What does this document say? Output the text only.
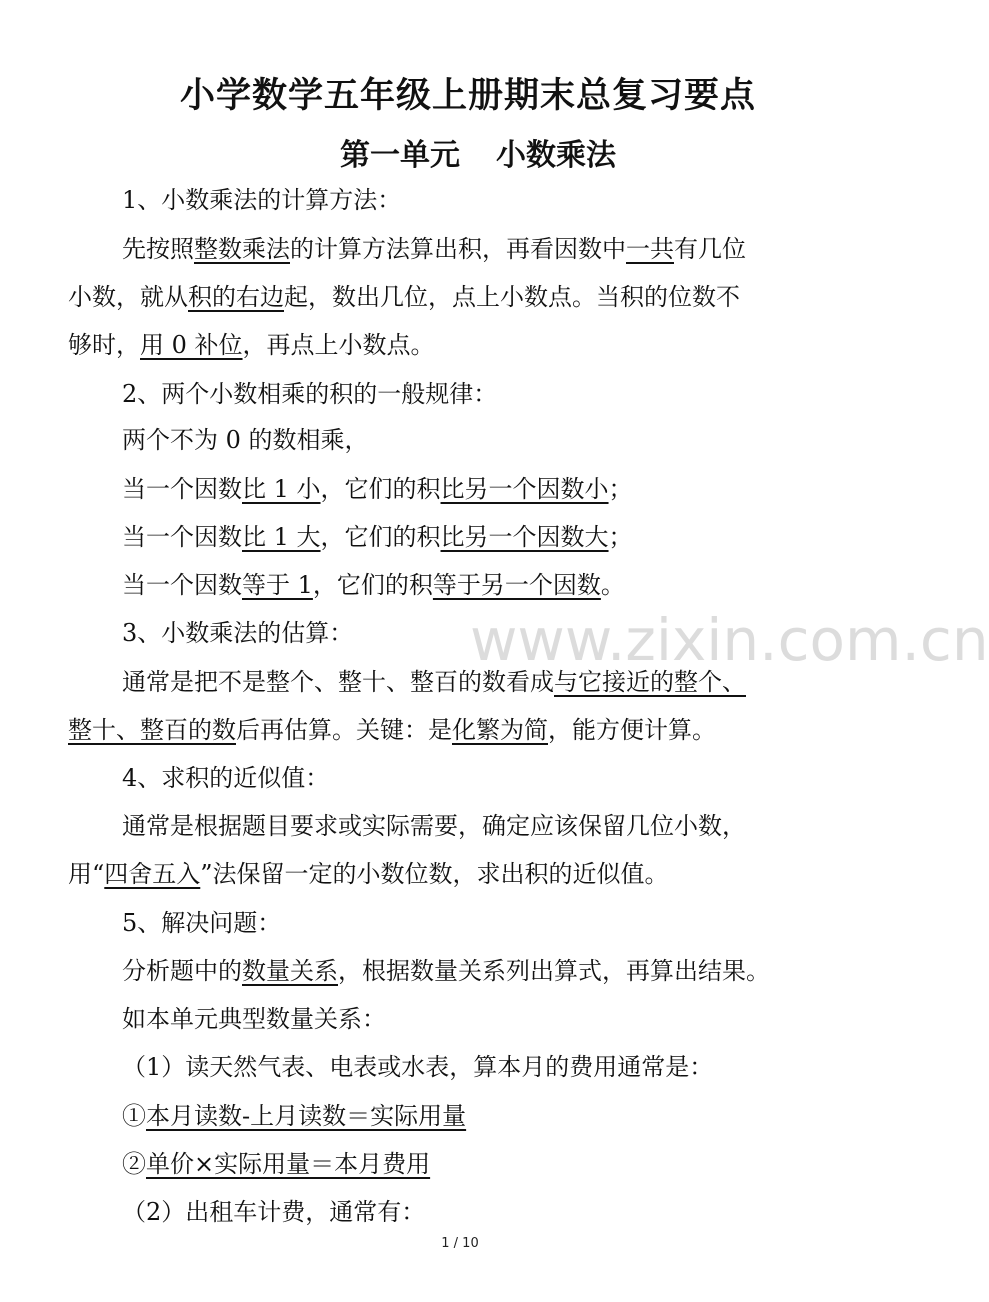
小学数学五年级上册期末总复习要点
第一单元 小数乘法
1、小数乘法的计算方法：
先按照整数乘法的计算方法算出积，再看因数中一共有几位
小数，就从积的右边起，数出几位，点上小数点。当积的位数不
够时，用 0 补位，再点上小数点。
2、两个小数相乘的积的一般规律：
两个不为 0 的数相乘，
当一个因数比 1 小，它们的积比另一个因数小；
当一个因数比 1 大，它们的积比另一个因数大；
当一个因数等于 1，它们的积等于另一个因数。
3、小数乘法的估算：
通常是把不是整个、整十、整百的数看成与它接近的整个、
整十、整百的数后再估算。关键：是化繁为简，能方便计算。
4、求积的近似值：
通常是根据题目要求或实际需要，确定应该保留几位小数，
用“四舍五入”法保留一定的小数位数，求出积的近似值。
5、解决问题：
分析题中的数量关系，根据数量关系列出算式，再算出结果。
如本单元典型数量关系：
（1）读天然气表、电表或水表，算本月的费用通常是：
①本月读数-上月读数＝实际用量
②单价×实际用量＝本月费用
（2）出租车计费，通常有：
www.zixin.com.cn
1 / 10
